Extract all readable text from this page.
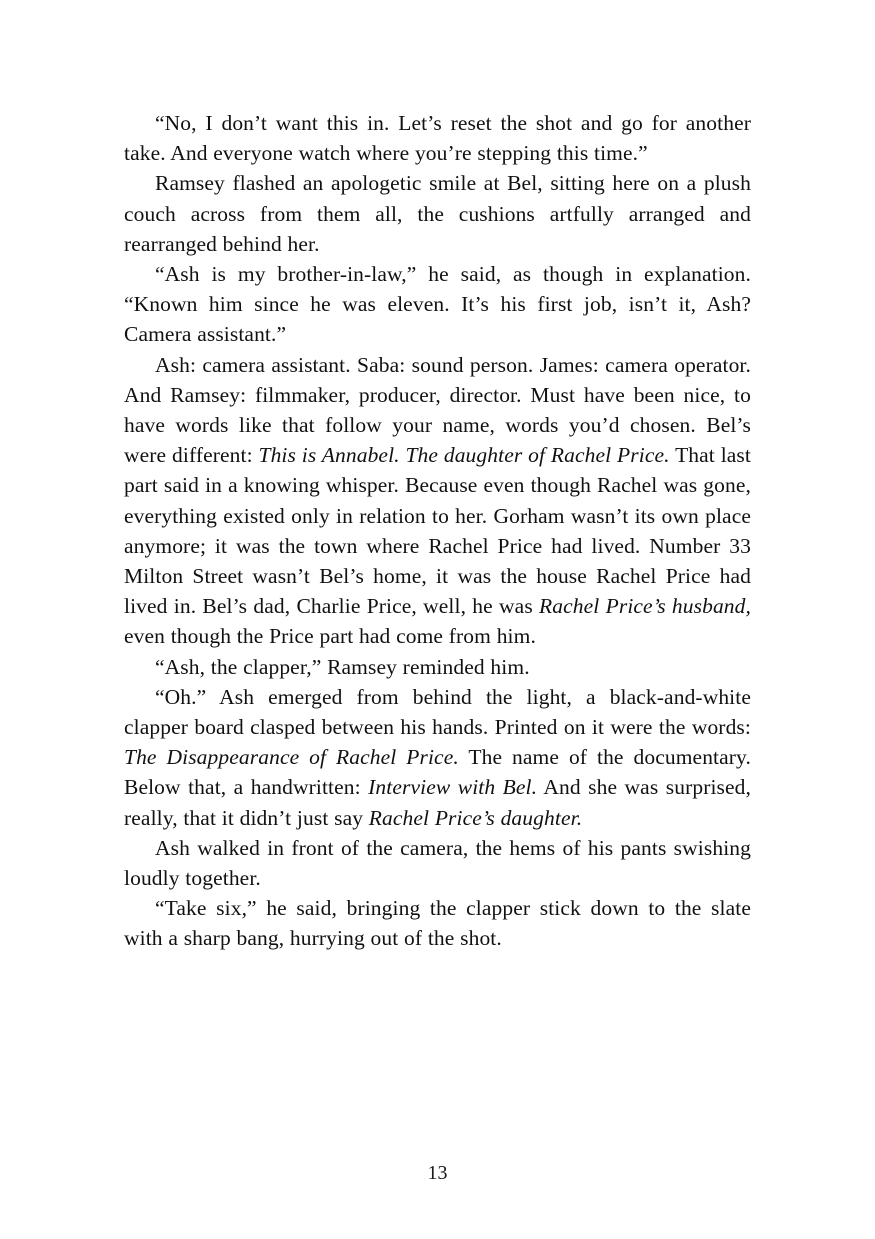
“No, I don’t want this in. Let’s reset the shot and go for another take. And everyone watch where you’re stepping this time.”

Ramsey flashed an apologetic smile at Bel, sitting here on a plush couch across from them all, the cushions artfully arranged and rearranged behind her.

“Ash is my brother-in-law,” he said, as though in explanation. “Known him since he was eleven. It’s his first job, isn’t it, Ash? Camera assistant.”

Ash: camera assistant. Saba: sound person. James: camera operator. And Ramsey: filmmaker, producer, director. Must have been nice, to have words like that follow your name, words you’d chosen. Bel’s were different: This is Annabel. The daughter of Rachel Price. That last part said in a knowing whisper. Because even though Rachel was gone, everything existed only in relation to her. Gorham wasn’t its own place anymore; it was the town where Rachel Price had lived. Number 33 Milton Street wasn’t Bel’s home, it was the house Rachel Price had lived in. Bel’s dad, Charlie Price, well, he was Rachel Price’s husband, even though the Price part had come from him.

“Ash, the clapper,” Ramsey reminded him.

“Oh.” Ash emerged from behind the light, a black-and-white clapper board clasped between his hands. Printed on it were the words: The Disappearance of Rachel Price. The name of the documentary. Below that, a handwritten: Interview with Bel. And she was surprised, really, that it didn’t just say Rachel Price’s daughter.

Ash walked in front of the camera, the hems of his pants swishing loudly together.

“Take six,” he said, bringing the clapper stick down to the slate with a sharp bang, hurrying out of the shot.

13
